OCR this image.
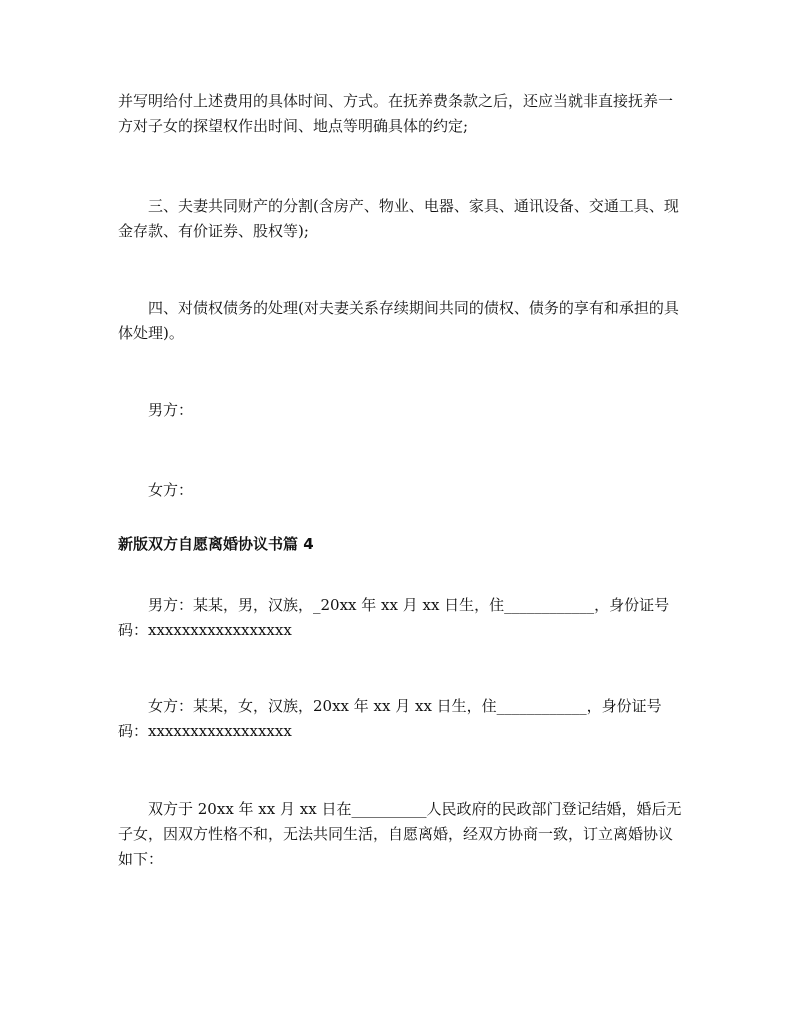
并写明给付上述费用的具体时间、方式。在抚养费条款之后，还应当就非直接抚养一方对子女的探望权作出时间、地点等明确具体的约定;

三、夫妻共同财产的分割(含房产、物业、电器、家具、通讯设备、交通工具、现金存款、有价证券、股权等);

四、对债权债务的处理(对夫妻关系存续期间共同的债权、债务的享有和承担的具体处理)。

男方：

女方：

新版双方自愿离婚协议书篇 4

男方：某某，男，汉族，_20xx 年 xx 月 xx 日生，住____________，身份证号码：xxxxxxxxxxxxxxxxx

女方：某某，女，汉族，20xx 年 xx 月 xx 日生，住____________，身份证号码：xxxxxxxxxxxxxxxxx

双方于 20xx 年 xx 月 xx 日在__________人民政府的民政部门登记结婚，婚后无子女，因双方性格不和，无法共同生活，自愿离婚，经双方协商一致，订立离婚协议如下：
